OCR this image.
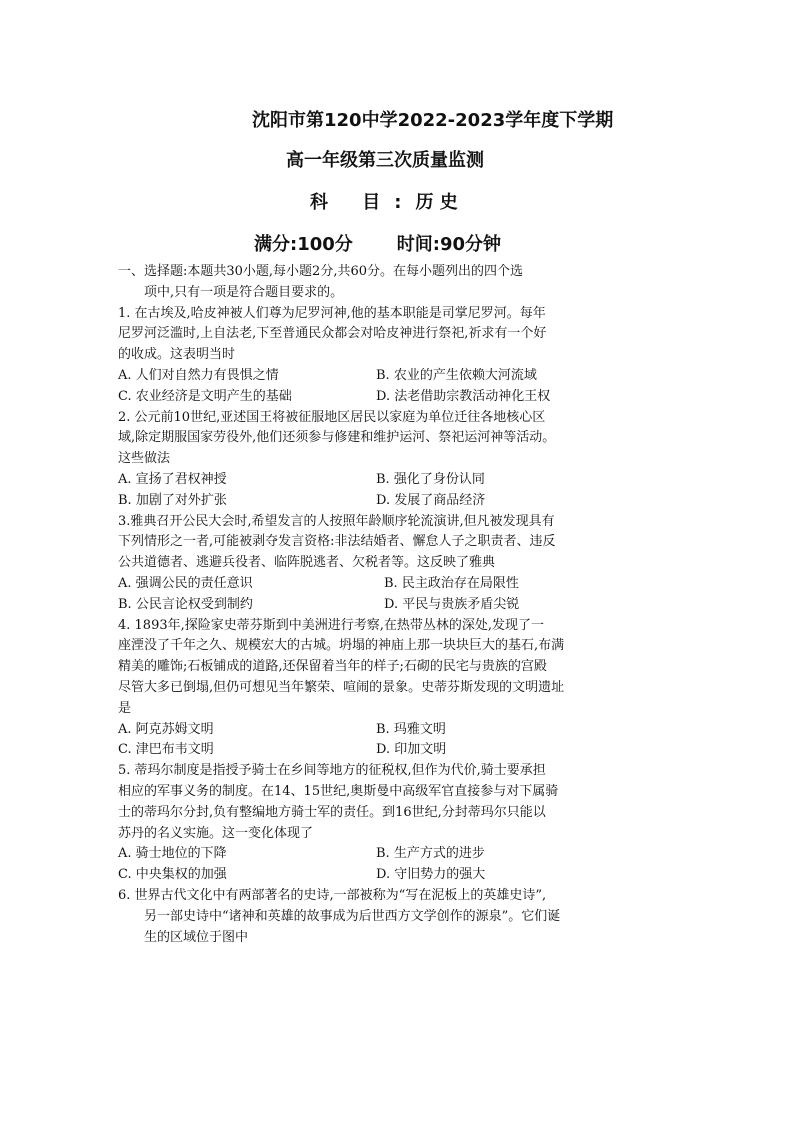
沈阳市第120中学2022-2023学年度下学期
高一年级第三次质量监测
科 目:历 史
满分:100分 时间:90分钟
一、选择题:本题共30小题,每小题2分,共60分。在每小题列出的四个选
项中,只有一项是符合题目要求的。
1. 在古埃及,哈皮神被人们尊为尼罗河神,他的基本职能是司掌尼罗河。每年
尼罗河泛滥时,上自法老,下至普通民众都会对哈皮神进行祭祀,祈求有一个好
的收成。这表明当时
A. 人们对自然力有畏惧之情	B. 农业的产生依赖大河流域
C. 农业经济是文明产生的基础	D. 法老借助宗教活动神化王权
2. 公元前10世纪,亚述国王将被征服地区居民以家庭为单位迁往各地核心区
域,除定期服国家劳役外,他们还须参与修建和维护运河、祭祀运河神等活动。
这些做法
A. 宣扬了君权神授	B. 强化了身份认同
B. 加剧了对外扩张	D. 发展了商品经济
3.雅典召开公民大会时,希望发言的人按照年龄顺序轮流演讲,但凡被发现具有
下列情形之一者,可能被剥夺发言资格:非法结婚者、懈怠人子之职责者、违反
公共道德者、逃避兵役者、临阵脱逃者、欠税者等。这反映了雅典
A. 强调公民的责任意识	B. 民主政治存在局限性
B. 公民言论权受到制约	D. 平民与贵族矛盾尖锐
4. 1893年,探险家史蒂芬斯到中美洲进行考察,在热带丛林的深处,发现了一
座湮没了千年之久、规模宏大的古城。坍塌的神庙上那一块块巨大的基石,布满
精美的雕饰;石板铺成的道路,还保留着当年的样子;石砌的民宅与贵族的宫殿
尽管大多已倒塌,但仍可想见当年繁荣、喧闹的景象。史蒂芬斯发现的文明遗址
是
A. 阿克苏姆文明	B. 玛雅文明
C. 津巴布韦文明	D. 印加文明
5. 蒂玛尔制度是指授予骑士在乡间等地方的征税权,但作为代价,骑士要承担
相应的军事义务的制度。在14、15世纪,奥斯曼中高级军官直接参与对下属骑
士的蒂玛尔分封,负有整编地方骑士军的责任。到16世纪,分封蒂玛尔只能以
苏丹的名义实施。这一变化体现了
A. 骑士地位的下降	B. 生产方式的进步
C. 中央集权的加强	D. 守旧势力的强大
6. 世界古代文化中有两部著名的史诗,一部被称为“写在泥板上的英雄史诗”,
另一部史诗中“诸神和英雄的故事成为后世西方文学创作的源泉”。它们诞
生的区域位于图中
